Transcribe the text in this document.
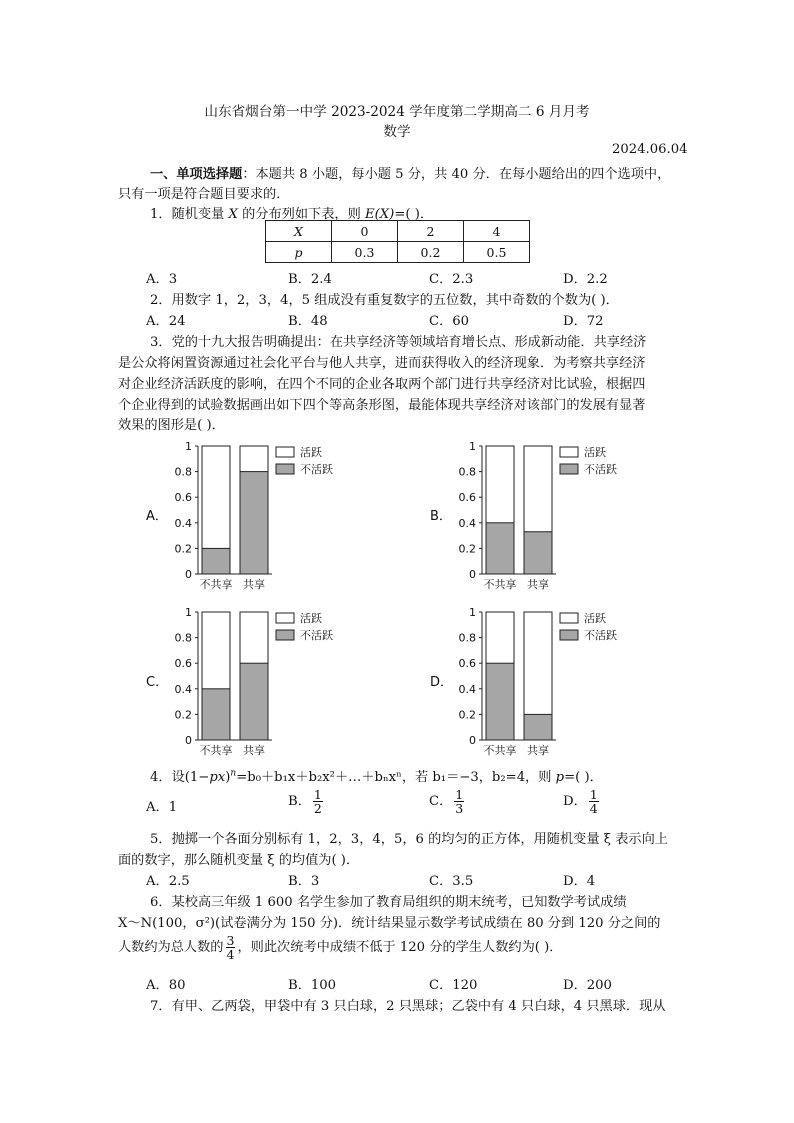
山东省烟台第一中学 2023-2024 学年度第二学期高二 6 月月考
数学
2024.06.04
一、单项选择题：本题共 8 小题，每小题 5 分，共 40 分．在每小题给出的四个选项中，
只有一项是符合题目要求的．
1．随机变量 X 的分布列如下表，则 E(X)=( )．
X	0	2	4
p	0.3	0.2	0.5
A．3	B．2.4	C．2.3	D．2.2
2．用数字 1，2，3，4，5 组成没有重复数字的五位数，其中奇数的个数为( )．
A．24	B．48	C．60	D．72
3．党的十九大报告明确提出：在共享经济等领域培育增长点、形成新动能．共享经济
是公众将闲置资源通过社会化平台与他人共享，进而获得收入的经济现象．为考察共享经济
对企业经济活跃度的影响，在四个不同的企业各取两个部门进行共享经济对比试验，根据四
个企业得到的试验数据画出如下四个等高条形图，最能体现共享经济对该部门的发展有显著
效果的图形是( )．
A．
0
0.2
0.4
0.6
0.8
1
不共享 共享
活跃
不活跃
B．
0
0.2
0.4
0.6
0.8
1
不共享 共享
活跃
不活跃
C．
0
0.2
0.4
0.6
0.8
1
不共享 共享
活跃
不活跃
D．
0
0.2
0.4
0.6
0.8
1
不共享 共享
活跃
不活跃
4．设$(1-px)^n=b_0+b_1x+b_2x^2+\dots+b_nx^n$，若 b₁＝−3，b₂=4，则 p=( )．
A．1	B． $\frac{1}{2}$	C． $\frac{1}{3}$	D． $\frac{1}{4}$
5．抛掷一个各面分别标有 1，2，3，4，5，6 的均匀的正方体，用随机变量 ξ 表示向上
面的数字，那么随机变量 ξ 的均值为( )．
A．2.5	B．3	C．3.5	D．4
6．某校高三年级 1 600 名学生参加了教育局组织的期末统考，已知数学考试成绩
X～N(100，σ²)(试卷满分为 150 分)．统计结果显示数学考试成绩在 80 分到 120 分之间的
人数约为总人数的 $\frac{3}{4}$ ，则此次统考中成绩不低于 120 分的学生人数约为( )．
A．80	B．100	C．120	D．200
7．有甲、乙两袋，甲袋中有 3 只白球，2 只黑球；乙袋中有 4 只白球，4 只黑球．现从
